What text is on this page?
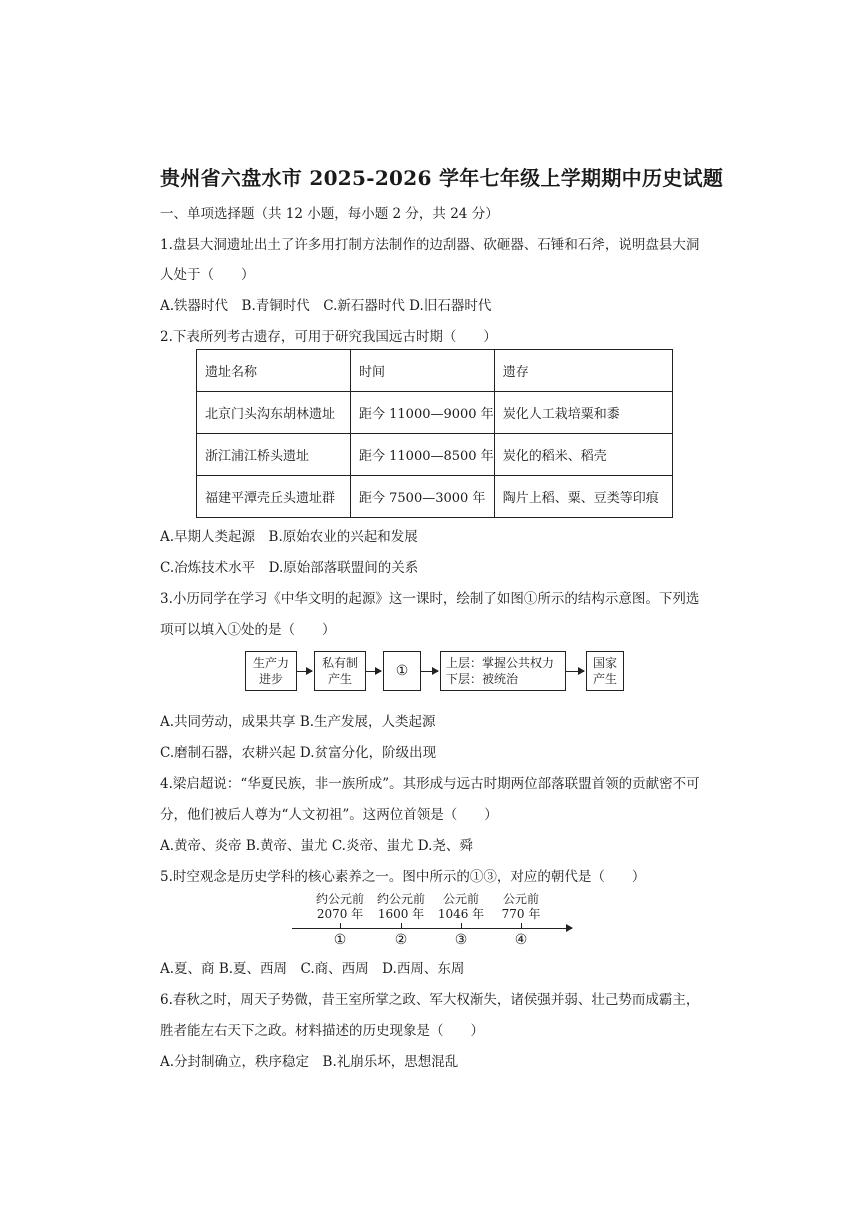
贵州省六盘水市 2025-2026 学年七年级上学期期中历史试题
一、单项选择题（共 12 小题，每小题 2 分，共 24 分）
1.盘县大洞遗址出土了许多用打制方法制作的边刮器、砍砸器、石锤和石斧，说明盘县大洞
人处于（　　）
A.铁器时代　B.青铜时代　C.新石器时代 D.旧石器时代
2.下表所列考古遗存，可用于研究我国远古时期（　　）
遗址名称	时间	遗存
北京门头沟东胡林遗址	距今 11000—9000 年	炭化人工栽培粟和黍
浙江浦江桥头遗址	距今 11000—8500 年	炭化的稻米、稻壳
福建平潭壳丘头遗址群	距今 7500—3000 年	陶片上稻、粟、豆类等印痕
A.早期人类起源　B.原始农业的兴起和发展
C.冶炼技术水平　D.原始部落联盟间的关系
3.小历同学在学习《中华文明的起源》这一课时，绘制了如图①所示的结构示意图。下列选
项可以填入①处的是（　　）
生产力
进步
私有制
产生	①	上层：掌握公共权力
下层：被统治
国家
产生
A.共同劳动，成果共享 B.生产发展，人类起源
C.磨制石器，农耕兴起 D.贫富分化，阶级出现
4.梁启超说：“华夏民族，非一族所成”。其形成与远古时期两位部落联盟首领的贡献密不可
分，他们被后人尊为“人文初祖”。这两位首领是（　　）
A.黄帝、炎帝 B.黄帝、蚩尤 C.炎帝、蚩尤 D.尧、舜
5.时空观念是历史学科的核心素养之一。图中所示的①③，对应的朝代是（　　）
约公元前
2070 年
约公元前
1600 年
公元前
1046 年
公元前
770 年
①	②	③	④
A.夏、商 B.夏、西周　C.商、西周　D.西周、东周
6.春秋之时，周天子势微，昔王室所掌之政、军大权渐失，诸侯强并弱、壮己势而成霸主，
胜者能左右天下之政。材料描述的历史现象是（　　）
A.分封制确立，秩序稳定　B.礼崩乐坏，思想混乱
